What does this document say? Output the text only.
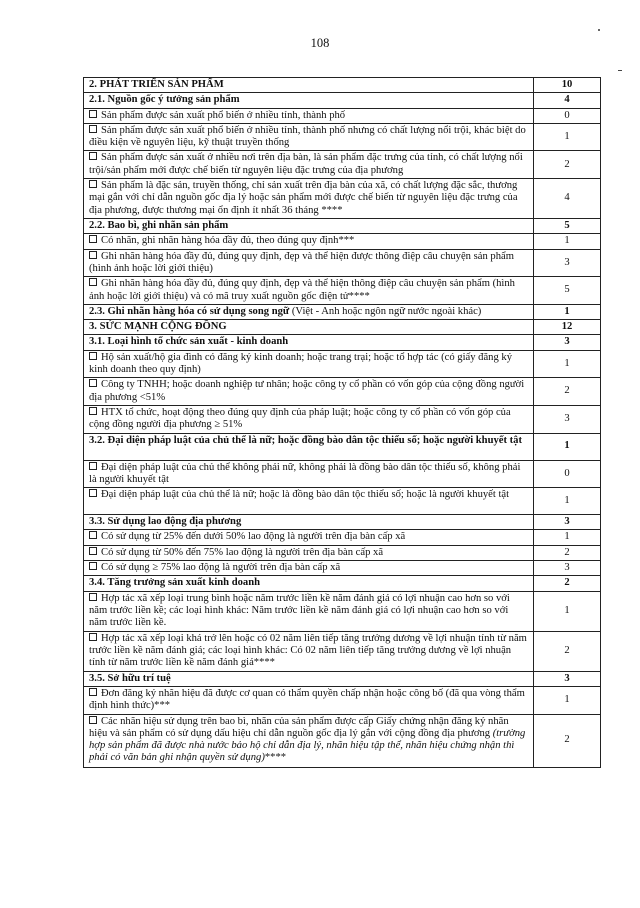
108
2. PHÁT TRIỂN SẢN PHẨM	10
2.1. Nguồn gốc ý tưởng sản phẩm	4
Sản phẩm được sản xuất phổ biến ở nhiều tỉnh, thành phố	0
Sản phẩm được sản xuất phổ biến ở nhiều tỉnh, thành phố nhưng có chất lượng nổi trội, khác biệt do điều kiện về nguyên liệu, kỹ thuật truyền thống	1
Sản phẩm được sản xuất ở nhiều nơi trên địa bàn, là sản phẩm đặc trưng của tỉnh, có chất lượng nổi trội/sản phẩm mới được chế biến từ nguyên liệu đặc trưng của địa phương	2
Sản phẩm là đặc sản, truyền thống, chỉ sản xuất trên địa bàn của xã, có chất lượng đặc sắc, thương mại gắn với chỉ dẫn nguồn gốc địa lý hoặc sản phẩm mới được chế biến từ nguyên liệu đặc trưng của địa phương, được thương mại ổn định ít nhất 36 tháng ****	4
2.2. Bao bì, ghi nhãn sản phẩm	5
Có nhãn, ghi nhãn hàng hóa đầy đủ, theo đúng quy định***	1
Ghi nhãn hàng hóa đầy đủ, đúng quy định, đẹp và thể hiện được thông điệp câu chuyện sản phẩm (hình ảnh hoặc lời giới thiệu)	3
Ghi nhãn hàng hóa đầy đủ, đúng quy định, đẹp và thể hiện thông điệp câu chuyện sản phẩm (hình ảnh hoặc lời giới thiệu) và có mã truy xuất nguồn gốc điện tử****	5
2.3. Ghi nhãn hàng hóa có sử dụng song ngữ (Việt - Anh hoặc ngôn ngữ nước ngoài khác)	1
3. SỨC MẠNH CỘNG ĐỒNG	12
3.1. Loại hình tổ chức sản xuất - kinh doanh	3
Hộ sản xuất/hộ gia đình có đăng ký kinh doanh; hoặc trang trại; hoặc tổ hợp tác (có giấy đăng ký kinh doanh theo quy định)	1
Công ty TNHH; hoặc doanh nghiệp tư nhân; hoặc công ty cổ phần có vốn góp của cộng đồng người địa phương <51%	2
HTX tổ chức, hoạt động theo đúng quy định của pháp luật; hoặc công ty cổ phần có vốn góp của cộng đồng người địa phương ≥ 51%	3
3.2. Đại diện pháp luật của chủ thể là nữ; hoặc đồng bào dân tộc thiểu số; hoặc người khuyết tật	1
Đại diện pháp luật của chủ thể không phải nữ, không phải là đồng bào dân tộc thiểu số, không phải là người khuyết tật	0
Đại diện pháp luật của chủ thể là nữ; hoặc là đồng bào dân tộc thiểu số; hoặc là người khuyết tật	1
3.3. Sử dụng lao động địa phương	3
Có sử dụng từ 25% đến dưới 50% lao động là người trên địa bàn cấp xã	1
Có sử dụng từ 50% đến 75% lao động là người trên địa bàn cấp xã	2
Có sử dụng ≥ 75% lao động là người trên địa bàn cấp xã	3
3.4. Tăng trưởng sản xuất kinh doanh	2
Hợp tác xã xếp loại trung bình hoặc năm trước liền kề năm đánh giá có lợi nhuận cao hơn so với năm trước liền kề; các loại hình khác: Năm trước liền kề năm đánh giá có lợi nhuận cao hơn so với năm trước liền kề.	1
Hợp tác xã xếp loại khá trở lên hoặc có 02 năm liên tiếp tăng trưởng dương về lợi nhuận tính từ năm trước liền kề năm đánh giá; các loại hình khác: Có 02 năm liên tiếp tăng trưởng dương về lợi nhuận tính từ năm trước liền kề năm đánh giá****	2
3.5. Sở hữu trí tuệ	3
Đơn đăng ký nhãn hiệu đã được cơ quan có thẩm quyền chấp nhận hoặc công bố (đã qua vòng thẩm định hình thức)***	1
Các nhãn hiệu sử dụng trên bao bì, nhãn của sản phẩm được cấp Giấy chứng nhận đăng ký nhãn hiệu và sản phẩm có sử dụng dấu hiệu chỉ dẫn nguồn gốc địa lý gắn với cộng đồng địa phương (trường hợp sản phẩm đã được nhà nước bảo hộ chỉ dẫn địa lý, nhãn hiệu tập thể, nhãn hiệu chứng nhận thì phải có văn bản ghi nhận quyền sử dụng)****	2
